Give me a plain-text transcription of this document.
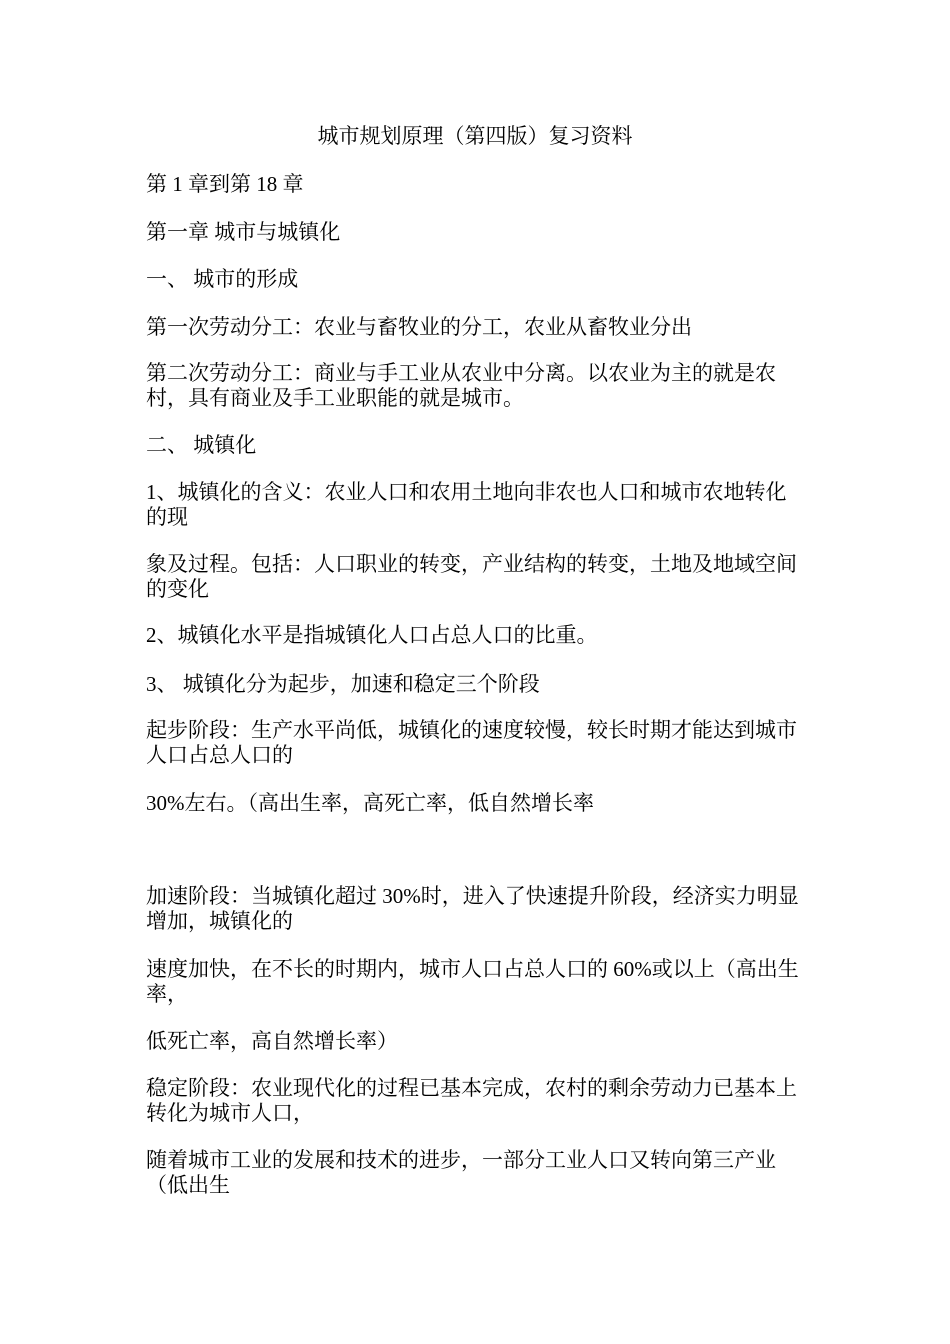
城市规划原理（第四版）复习资料
第 1 章到第 18 章
第一章 城市与城镇化
一、 城市的形成
第一次劳动分工：农业与畜牧业的分工，农业从畜牧业分出
第二次劳动分工：商业与手工业从农业中分离。以农业为主的就是农村，具有商业及手工业职能的就是城市。
二、 城镇化
1、城镇化的含义：农业人口和农用土地向非农也人口和城市农地转化的现
象及过程。包括：人口职业的转变，产业结构的转变，土地及地域空间的变化
2、城镇化水平是指城镇化人口占总人口的比重。
3、 城镇化分为起步，加速和稳定三个阶段
起步阶段：生产水平尚低，城镇化的速度较慢，较长时期才能达到城市人口占总人口的
30%左右。（高出生率，高死亡率，低自然增长率
加速阶段：当城镇化超过 30%时，进入了快速提升阶段，经济实力明显增加，城镇化的
速度加快，在不长的时期内，城市人口占总人口的 60%或以上（高出生率，
低死亡率，高自然增长率）
稳定阶段：农业现代化的过程已基本完成，农村的剩余劳动力已基本上转化为城市人口，
随着城市工业的发展和技术的进步，一部分工业人口又转向第三产业（低出生
